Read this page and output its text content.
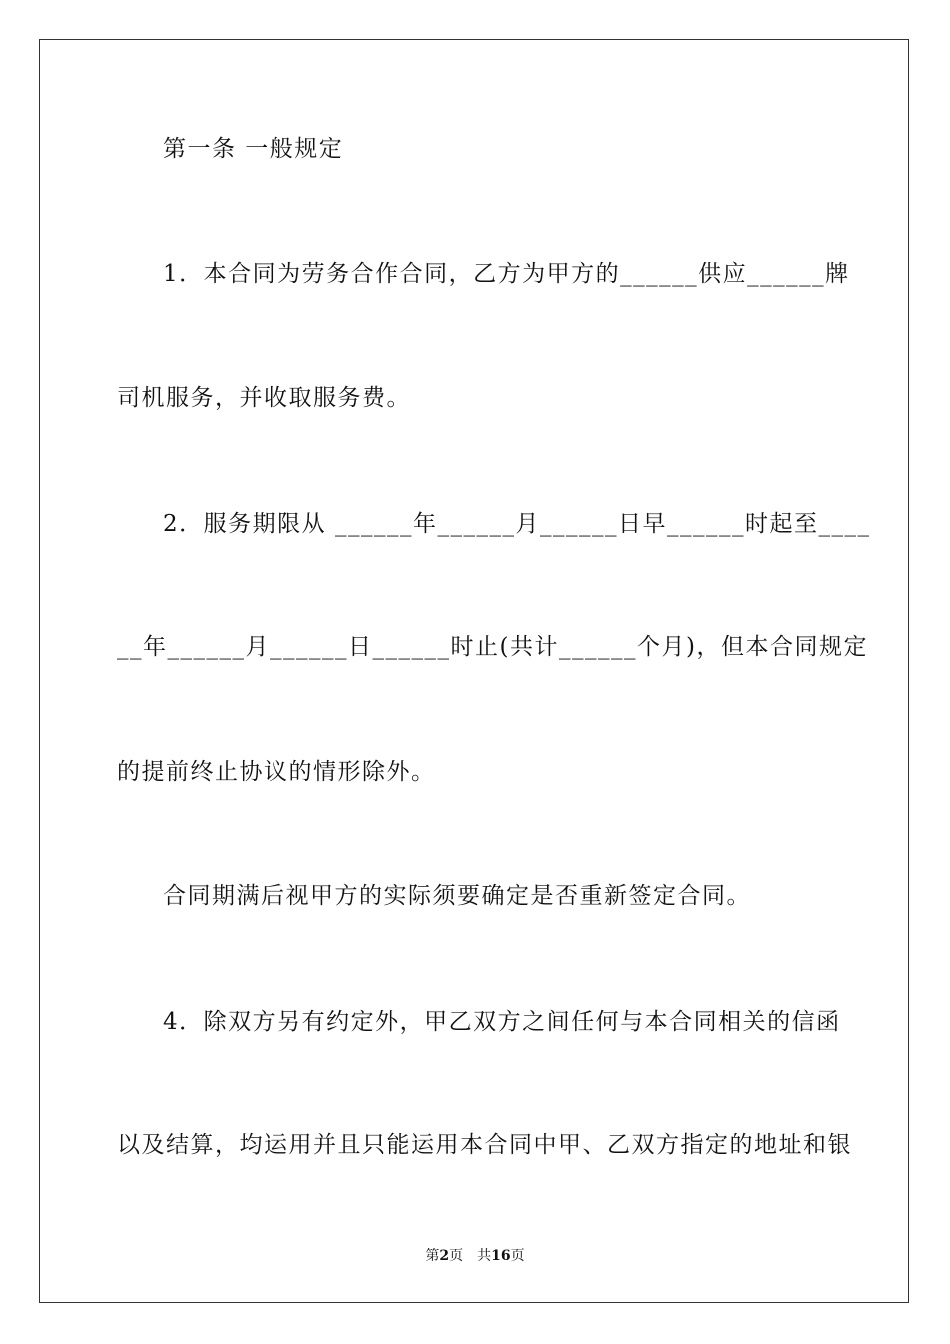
第一条 一般规定
1．本合同为劳务合作合同，乙方为甲方的______供应______牌
司机服务，并收取服务费。
2．服务期限从 ______年______月______日早______时起至____
__年______月______日______时止(共计______个月)，但本合同规定
的提前终止协议的情形除外。
合同期满后视甲方的实际须要确定是否重新签定合同。
4．除双方另有约定外，甲乙双方之间任何与本合同相关的信函
以及结算，均运用并且只能运用本合同中甲、乙双方指定的地址和银
第2页 共16页
